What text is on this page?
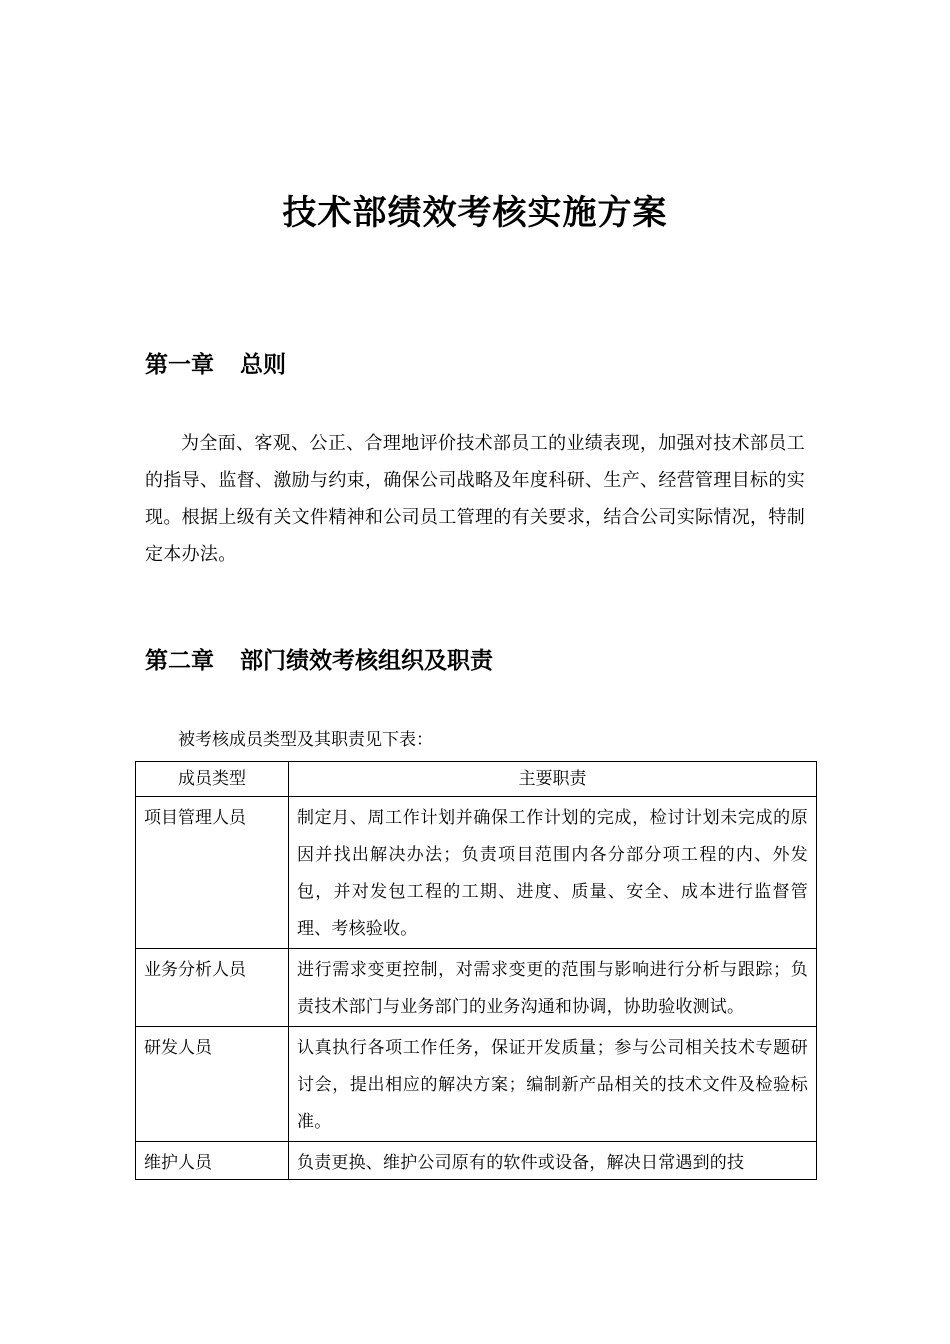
技术部绩效考核实施方案
第一章 总则

为全面、客观、公正、合理地评价技术部员工的业绩表现，加强对技术部员工的指导、监督、激励与约束，确保公司战略及年度科研、生产、经营管理目标的实现。根据上级有关文件精神和公司员工管理的有关要求，结合公司实际情况，特制定本办法。

第二章 部门绩效考核组织及职责

被考核成员类型及其职责见下表：

成员类型	主要职责
项目管理人员	制定月、周工作计划并确保工作计划的完成，检讨计划未完成的原因并找出解决办法；负责项目范围内各分部分项工程的内、外发包，并对发包工程的工期、进度、质量、安全、成本进行监督管理、考核验收。
业务分析人员	进行需求变更控制，对需求变更的范围与影响进行分析与跟踪；负责技术部门与业务部门的业务沟通和协调，协助验收测试。
研发人员	认真执行各项工作任务，保证开发质量；参与公司相关技术专题研讨会，提出相应的解决方案；编制新产品相关的技术文件及检验标准。

维护人员	负责更换、维护公司原有的软件或设备，解决日常遇到的技
